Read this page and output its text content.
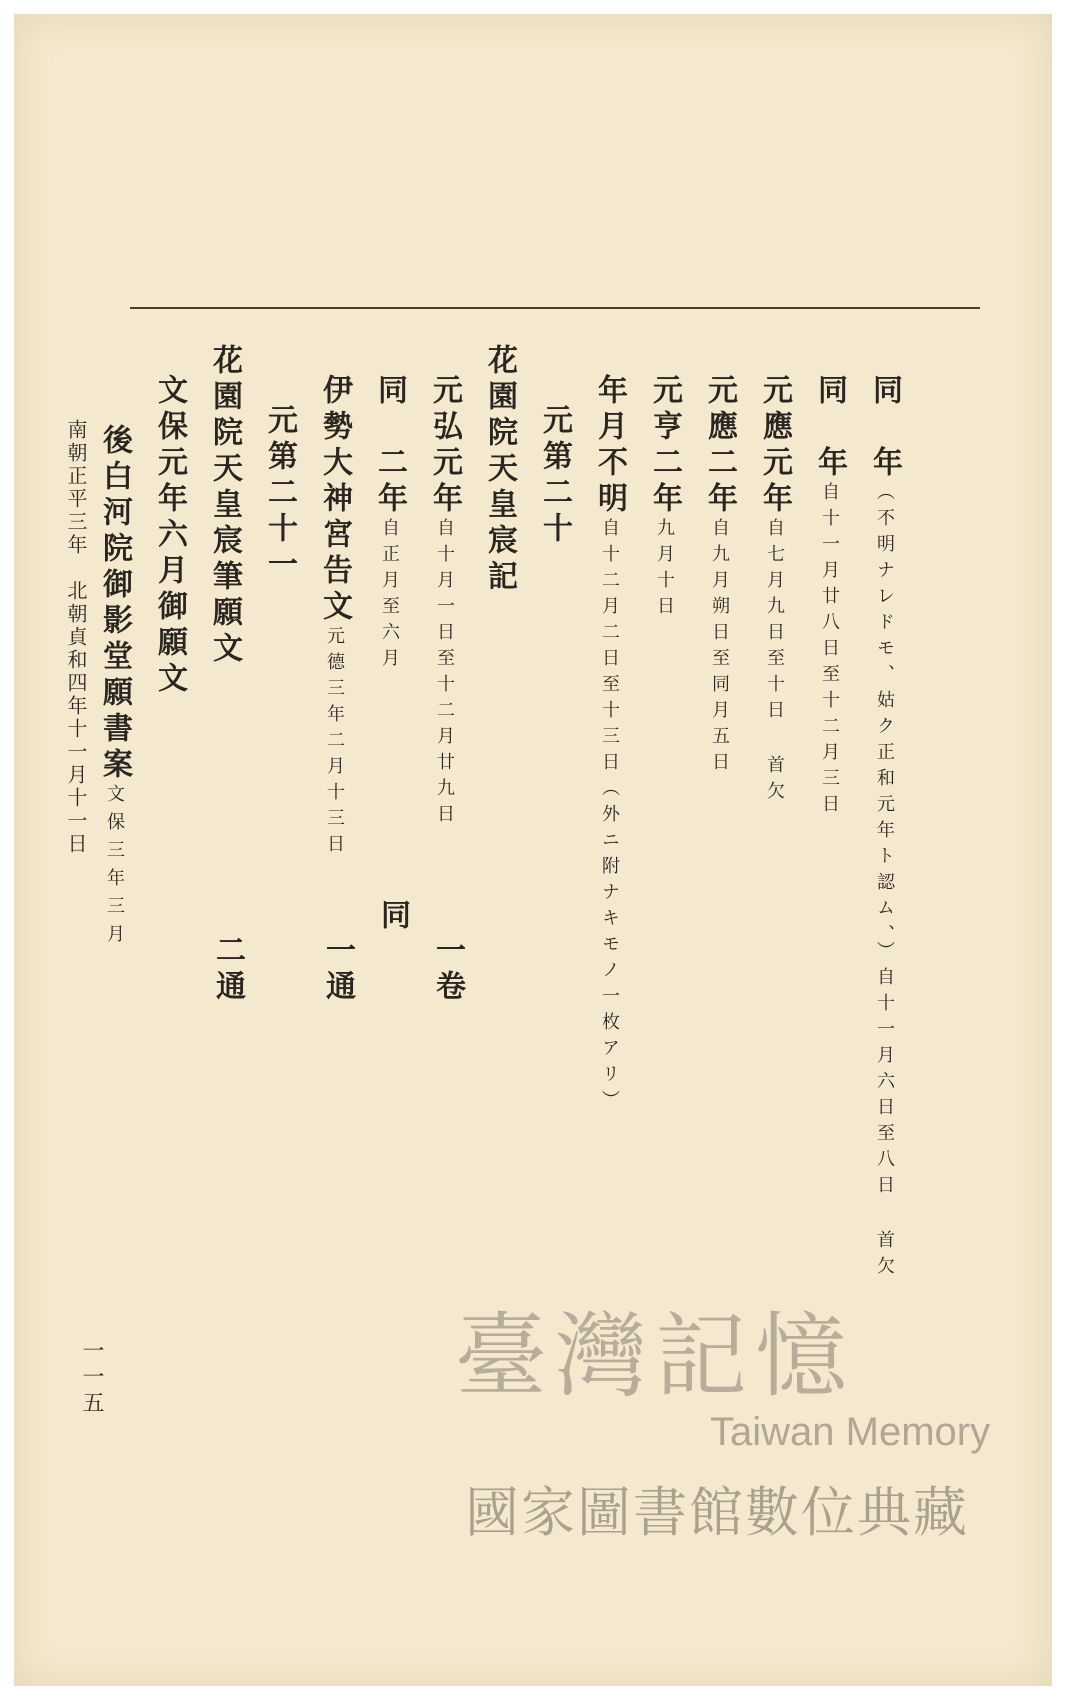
同　年（不明ナレドモ、姑ク正和元年ト認ム、）自十一月六日至八日 首欠
同　年自十一月廿八日至十二月三日
元應元年自七月九日至十日 首欠
元應二年自九月朔日至同月五日
元亨二年九月十日
年月不明自十二月二日至十三日（外ニ附ナキモノ一枚アリ）
元第二十
花園院天皇宸記
元弘元年自十月一日至十二月廿九日
一卷
同　二年自正月至六月
同
伊勢大神宮告文元德三年二月十三日
一通
元第二十一
花園院天皇宸筆願文
二通
文保元年六月御願文
後白河院御影堂願書案文保三年三月
南朝正平三年　北朝貞和四年十一月十一日
一一五	臺灣記憶
Taiwan Memory
國家圖書館數位典藏
